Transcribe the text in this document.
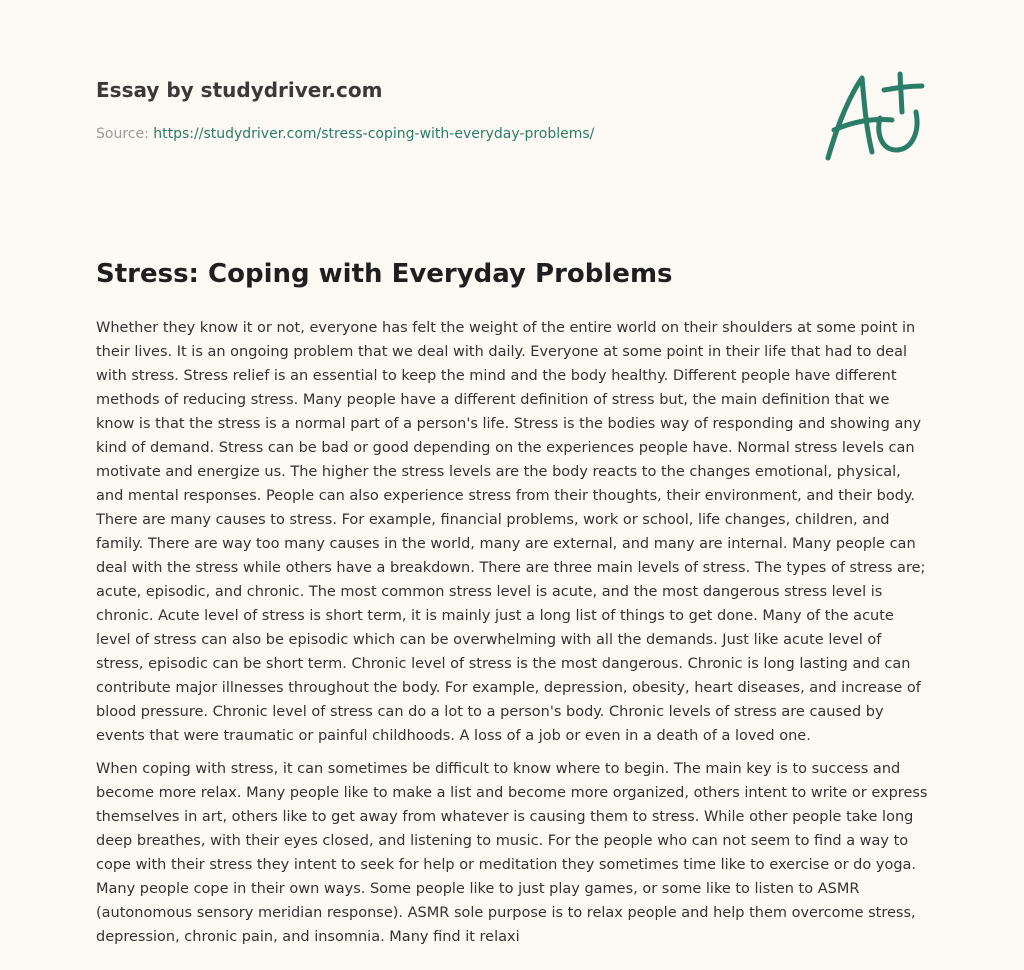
Essay by studydriver.com

Source: https://studydriver.com/stress-coping-with-everyday-problems/
Stress: Coping with Everyday Problems

Whether they know it or not, everyone has felt the weight of the entire world on their shoulders at some point in their lives. It is an ongoing problem that we deal with daily. Everyone at some point in their life that had to deal with stress. Stress relief is an essential to keep the mind and the body healthy. Different people have different methods of reducing stress. Many people have a different definition of stress but, the main definition that we know is that the stress is a normal part of a person's life. Stress is the bodies way of responding and showing any kind of demand. Stress can be bad or good depending on the experiences people have. Normal stress levels can motivate and energize us. The higher the stress levels are the body reacts to the changes emotional, physical, and mental responses. People can also experience stress from their thoughts, their environment, and their body. There are many causes to stress. For example, financial problems, work or school, life changes, children, and family. There are way too many causes in the world, many are external, and many are internal. Many people can deal with the stress while others have a breakdown. There are three main levels of stress. The types of stress are; acute, episodic, and chronic. The most common stress level is acute, and the most dangerous stress level is chronic. Acute level of stress is short term, it is mainly just a long list of things to get done. Many of the acute level of stress can also be episodic which can be overwhelming with all the demands. Just like acute level of stress, episodic can be short term. Chronic level of stress is the most dangerous. Chronic is long lasting and can contribute major illnesses throughout the body. For example, depression, obesity, heart diseases, and increase of blood pressure. Chronic level of stress can do a lot to a person's body. Chronic levels of stress are caused by events that were traumatic or painful childhoods. A loss of a job or even in a death of a loved one.

When coping with stress, it can sometimes be difficult to know where to begin. The main key is to success and become more relax. Many people like to make a list and become more organized, others intent to write or express themselves in art, others like to get away from whatever is causing them to stress. While other people take long deep breathes, with their eyes closed, and listening to music. For the people who can not seem to find a way to cope with their stress they intent to seek for help or meditation they sometimes time like to exercise or do yoga. Many people cope in their own ways. Some people like to just play games, or some like to listen to ASMR (autonomous sensory meridian response). ASMR sole purpose is to relax people and help them overcome stress, depression, chronic pain, and insomnia. Many find it relaxi
